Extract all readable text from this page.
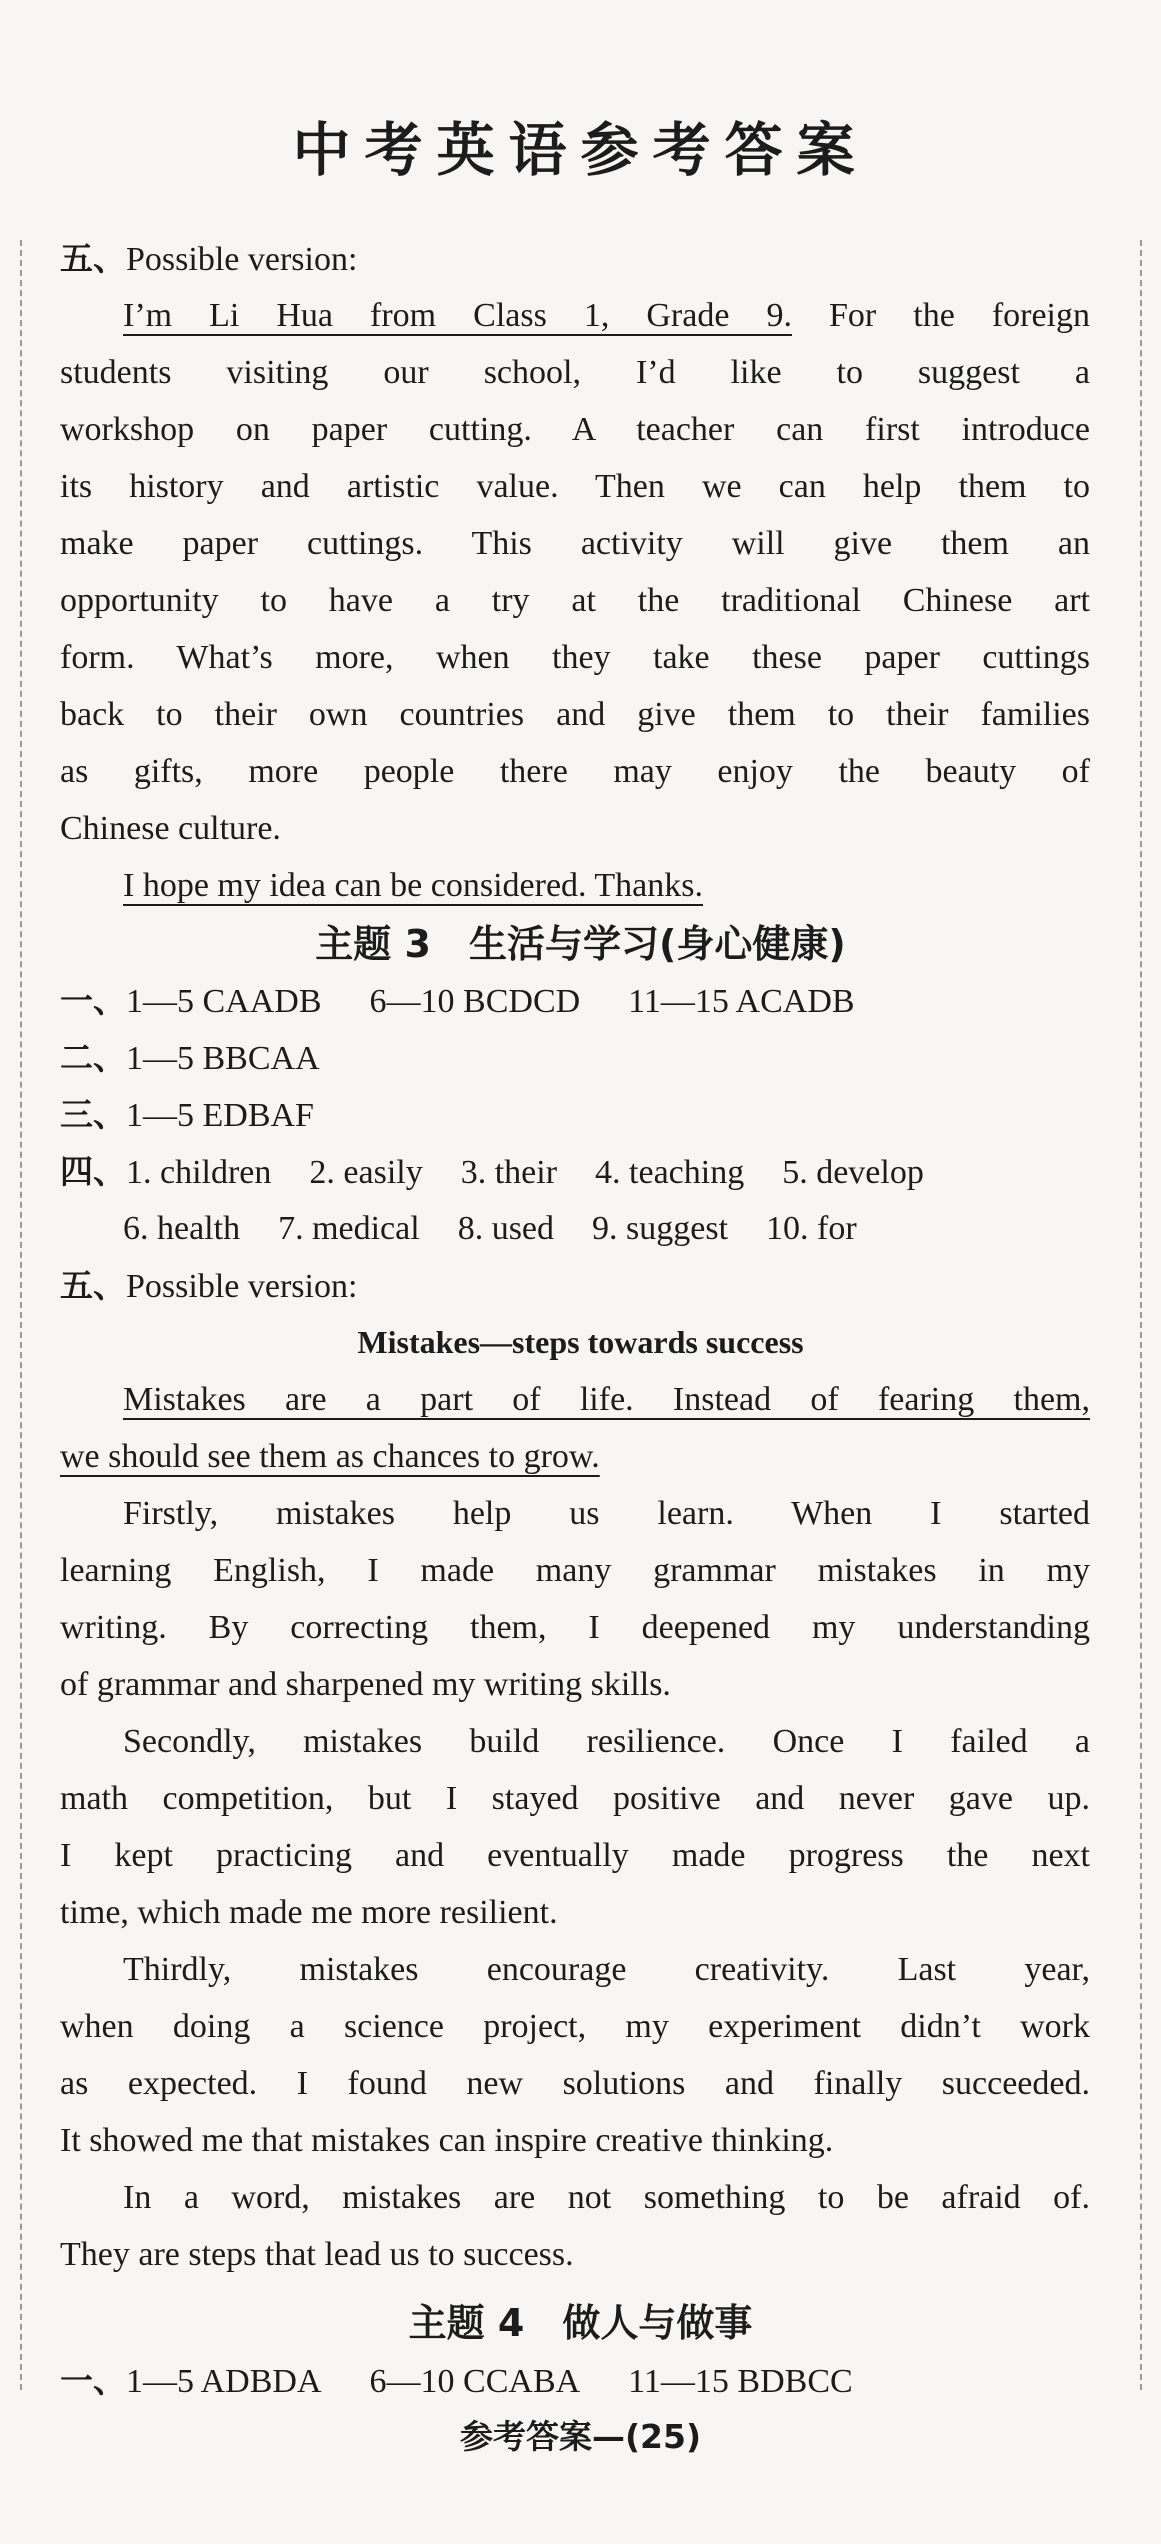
中考英语参考答案
五、Possible version:
I’m Li Hua from Class 1, Grade 9. For the foreign
students visiting our school, I’d like to suggest a
workshop on paper cutting. A teacher can first introduce
its history and artistic value. Then we can help them to
make paper cuttings. This activity will give them an
opportunity to have a try at the traditional Chinese art
form. What’s more, when they take these paper cuttings
back to their own countries and give them to their families
as gifts, more people there may enjoy the beauty of
Chinese culture.
I hope my idea can be considered. Thanks.
主题 3　生活与学习(身心健康)
一、1—5 CAADB 6—10 BCDCD 11—15 ACADB
二、1—5 BBCAA
三、1—5 EDBAF
四、1. children 2. easily 3. their 4. teaching 5. develop
6. health 7. medical 8. used 9. suggest 10. for
五、Possible version:
Mistakes—steps towards success
Mistakes are a part of life. Instead of fearing them,
we should see them as chances to grow.
Firstly, mistakes help us learn. When I started
learning English, I made many grammar mistakes in my
writing. By correcting them, I deepened my understanding
of grammar and sharpened my writing skills.
Secondly, mistakes build resilience. Once I failed a
math competition, but I stayed positive and never gave up.
I kept practicing and eventually made progress the next
time, which made me more resilient.
Thirdly, mistakes encourage creativity. Last year,
when doing a science project, my experiment didn’t work
as expected. I found new solutions and finally succeeded.
It showed me that mistakes can inspire creative thinking.
In a word, mistakes are not something to be afraid of.
They are steps that lead us to success.
主题 4　做人与做事
一、1—5 ADBDA 6—10 CCABA 11—15 BDBCC
参考答案—(25)
